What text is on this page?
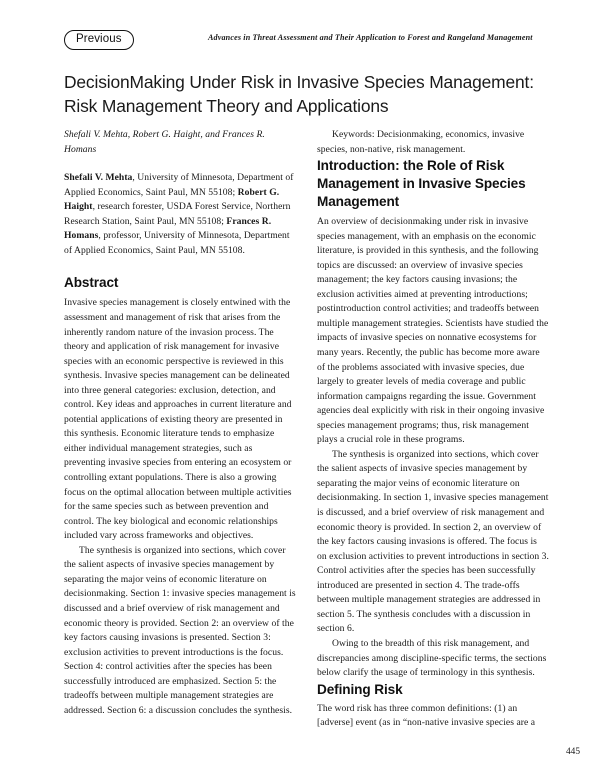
Previous	Advances in Threat Assessment and Their Application to Forest and Rangeland Management
DecisionMaking Under Risk in Invasive Species Management: Risk Management Theory and Applications

Shefali V. Mehta, Robert G. Haight, and Frances R. Homans

Shefali V. Mehta, University of Minnesota, Department of Applied Economics, Saint Paul, MN 55108; Robert G. Haight, research forester, USDA Forest Service, Northern Research Station, Saint Paul, MN 55108; Frances R. Homans, professor, University of Minnesota, Department of Applied Economics, Saint Paul, MN 55108.

Abstract

Invasive species management is closely entwined with the assessment and management of risk that arises from the inherently random nature of the invasion process. The theory and application of risk management for invasive species with an economic perspective is reviewed in this synthesis. Invasive species management can be delineated into three general categories: exclusion, detection, and control. Key ideas and approaches in current literature and potential applications of existing theory are presented in this synthesis. Economic literature tends to emphasize either individual management strategies, such as preventing invasive species from entering an ecosystem or controlling extant populations. There is also a growing focus on the optimal allocation between multiple activities for the same species such as between prevention and control. The key biological and economic relationships included vary across frameworks and objectives.

The synthesis is organized into sections, which cover the salient aspects of invasive species management by separating the major veins of economic literature on decisionmaking. Section 1: invasive species management is discussed and a brief overview of risk management and economic theory is provided. Section 2: an overview of the key factors causing invasions is presented. Section 3: exclusion activities to prevent introductions is the focus. Section 4: control activities after the species has been successfully introduced are emphasized. Section 5: the tradeoffs between multiple management strategies are addressed. Section 6: a discussion concludes the synthesis.

Keywords: Decisionmaking, economics, invasive species, non-native, risk management.

Introduction: the Role of Risk Management in Invasive Species Management

An overview of decisionmaking under risk in invasive species management, with an emphasis on the economic literature, is provided in this synthesis, and the following topics are discussed: an overview of invasive species management; the key factors causing invasions; the exclusion activities aimed at preventing introductions; postintroduction control activities; and tradeoffs between multiple management strategies. Scientists have studied the impacts of invasive species on nonnative ecosystems for many years. Recently, the public has become more aware of the problems associated with invasive species, due largely to greater levels of media coverage and public information campaigns regarding the issue. Government agencies deal explicitly with risk in their ongoing invasive species management programs; thus, risk management plays a crucial role in these programs.

The synthesis is organized into sections, which cover the salient aspects of invasive species management by separating the major veins of economic literature on decisionmaking. In section 1, invasive species management is discussed, and a brief overview of risk management and economic theory is provided. In section 2, an overview of the key factors causing invasions is offered. The focus is on exclusion activities to prevent introductions in section 3. Control activities after the species has been successfully introduced are presented in section 4. The trade-offs between multiple management strategies are addressed in section 5. The synthesis concludes with a discussion in section 6.

Owing to the breadth of this risk management, and discrepancies among discipline-specific terms, the sections below clarify the usage of terminology in this synthesis.

Defining Risk

The word risk has three common definitions: (1) an [adverse] event (as in “non-native invasive species are a

445
